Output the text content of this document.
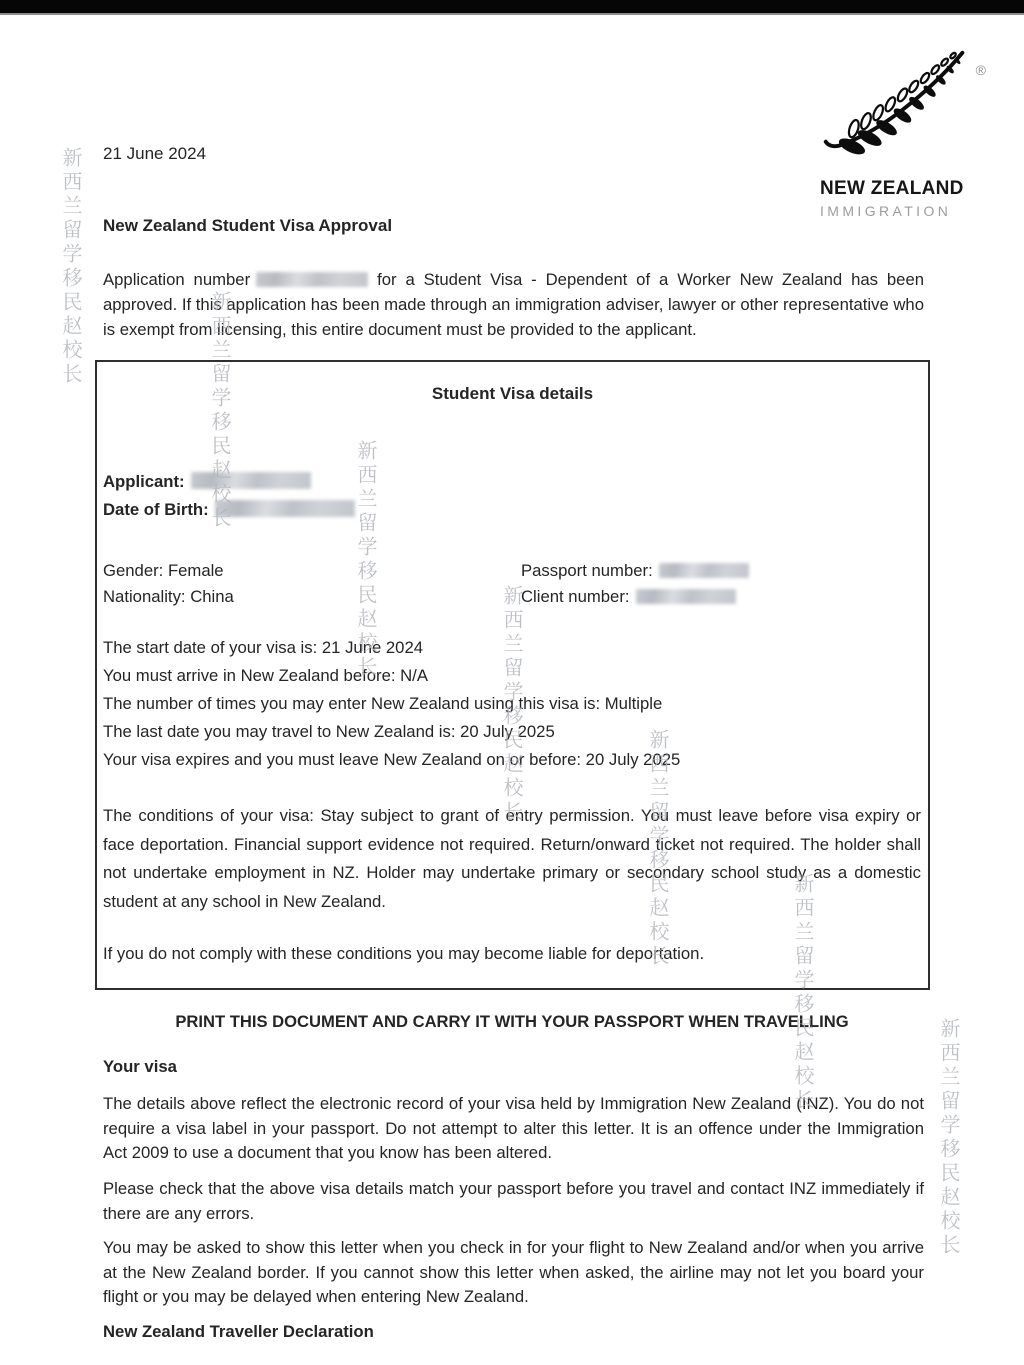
新西兰留学移民赵校长
新西兰留学移民赵校长
新西兰留学移民赵校长
新西兰留学移民赵校长
新西兰留学移民赵校长
新西兰留学移民赵校长
新西兰留学移民赵校长
21 June 2024
®
NEW ZEALAND
IMMIGRATION
New Zealand Student Visa Approval

Application number	for a Student Visa - Dependent of a Worker New Zealand has been approved. If this application has been made through an immigration adviser, lawyer or other representative who is exempt from licensing, this entire document must be provided to the applicant.

Student Visa details
Applicant:
Date of Birth:
Gender: Female
Nationality: China
Passport number:
Client number:
The start date of your visa is: 21 June 2024
You must arrive in New Zealand before: N/A
The number of times you may enter New Zealand using this visa is: Multiple
The last date you may travel to New Zealand is: 20 July 2025
Your visa expires and you must leave New Zealand on or before: 20 July 2025

The conditions of your visa: Stay subject to grant of entry permission. You must leave before visa expiry or face deportation. Financial support evidence not required. Return/onward ticket not required. The holder shall not undertake employment in NZ. Holder may undertake primary or secondary school study as a domestic student at any school in New Zealand.

If you do not comply with these conditions you may become liable for deportation.
PRINT THIS DOCUMENT AND CARRY IT WITH YOUR PASSPORT WHEN TRAVELLING
Your visa

The details above reflect the electronic record of your visa held by Immigration New Zealand (INZ). You do not require a visa label in your passport. Do not attempt to alter this letter. It is an offence under the Immigration Act 2009 to use a document that you know has been altered.

Please check that the above visa details match your passport before you travel and contact INZ immediately if there are any errors.

You may be asked to show this letter when you check in for your flight to New Zealand and/or when you arrive at the New Zealand border. If you cannot show this letter when asked, the airline may not let you board your flight or you may be delayed when entering New Zealand.

New Zealand Traveller Declaration
